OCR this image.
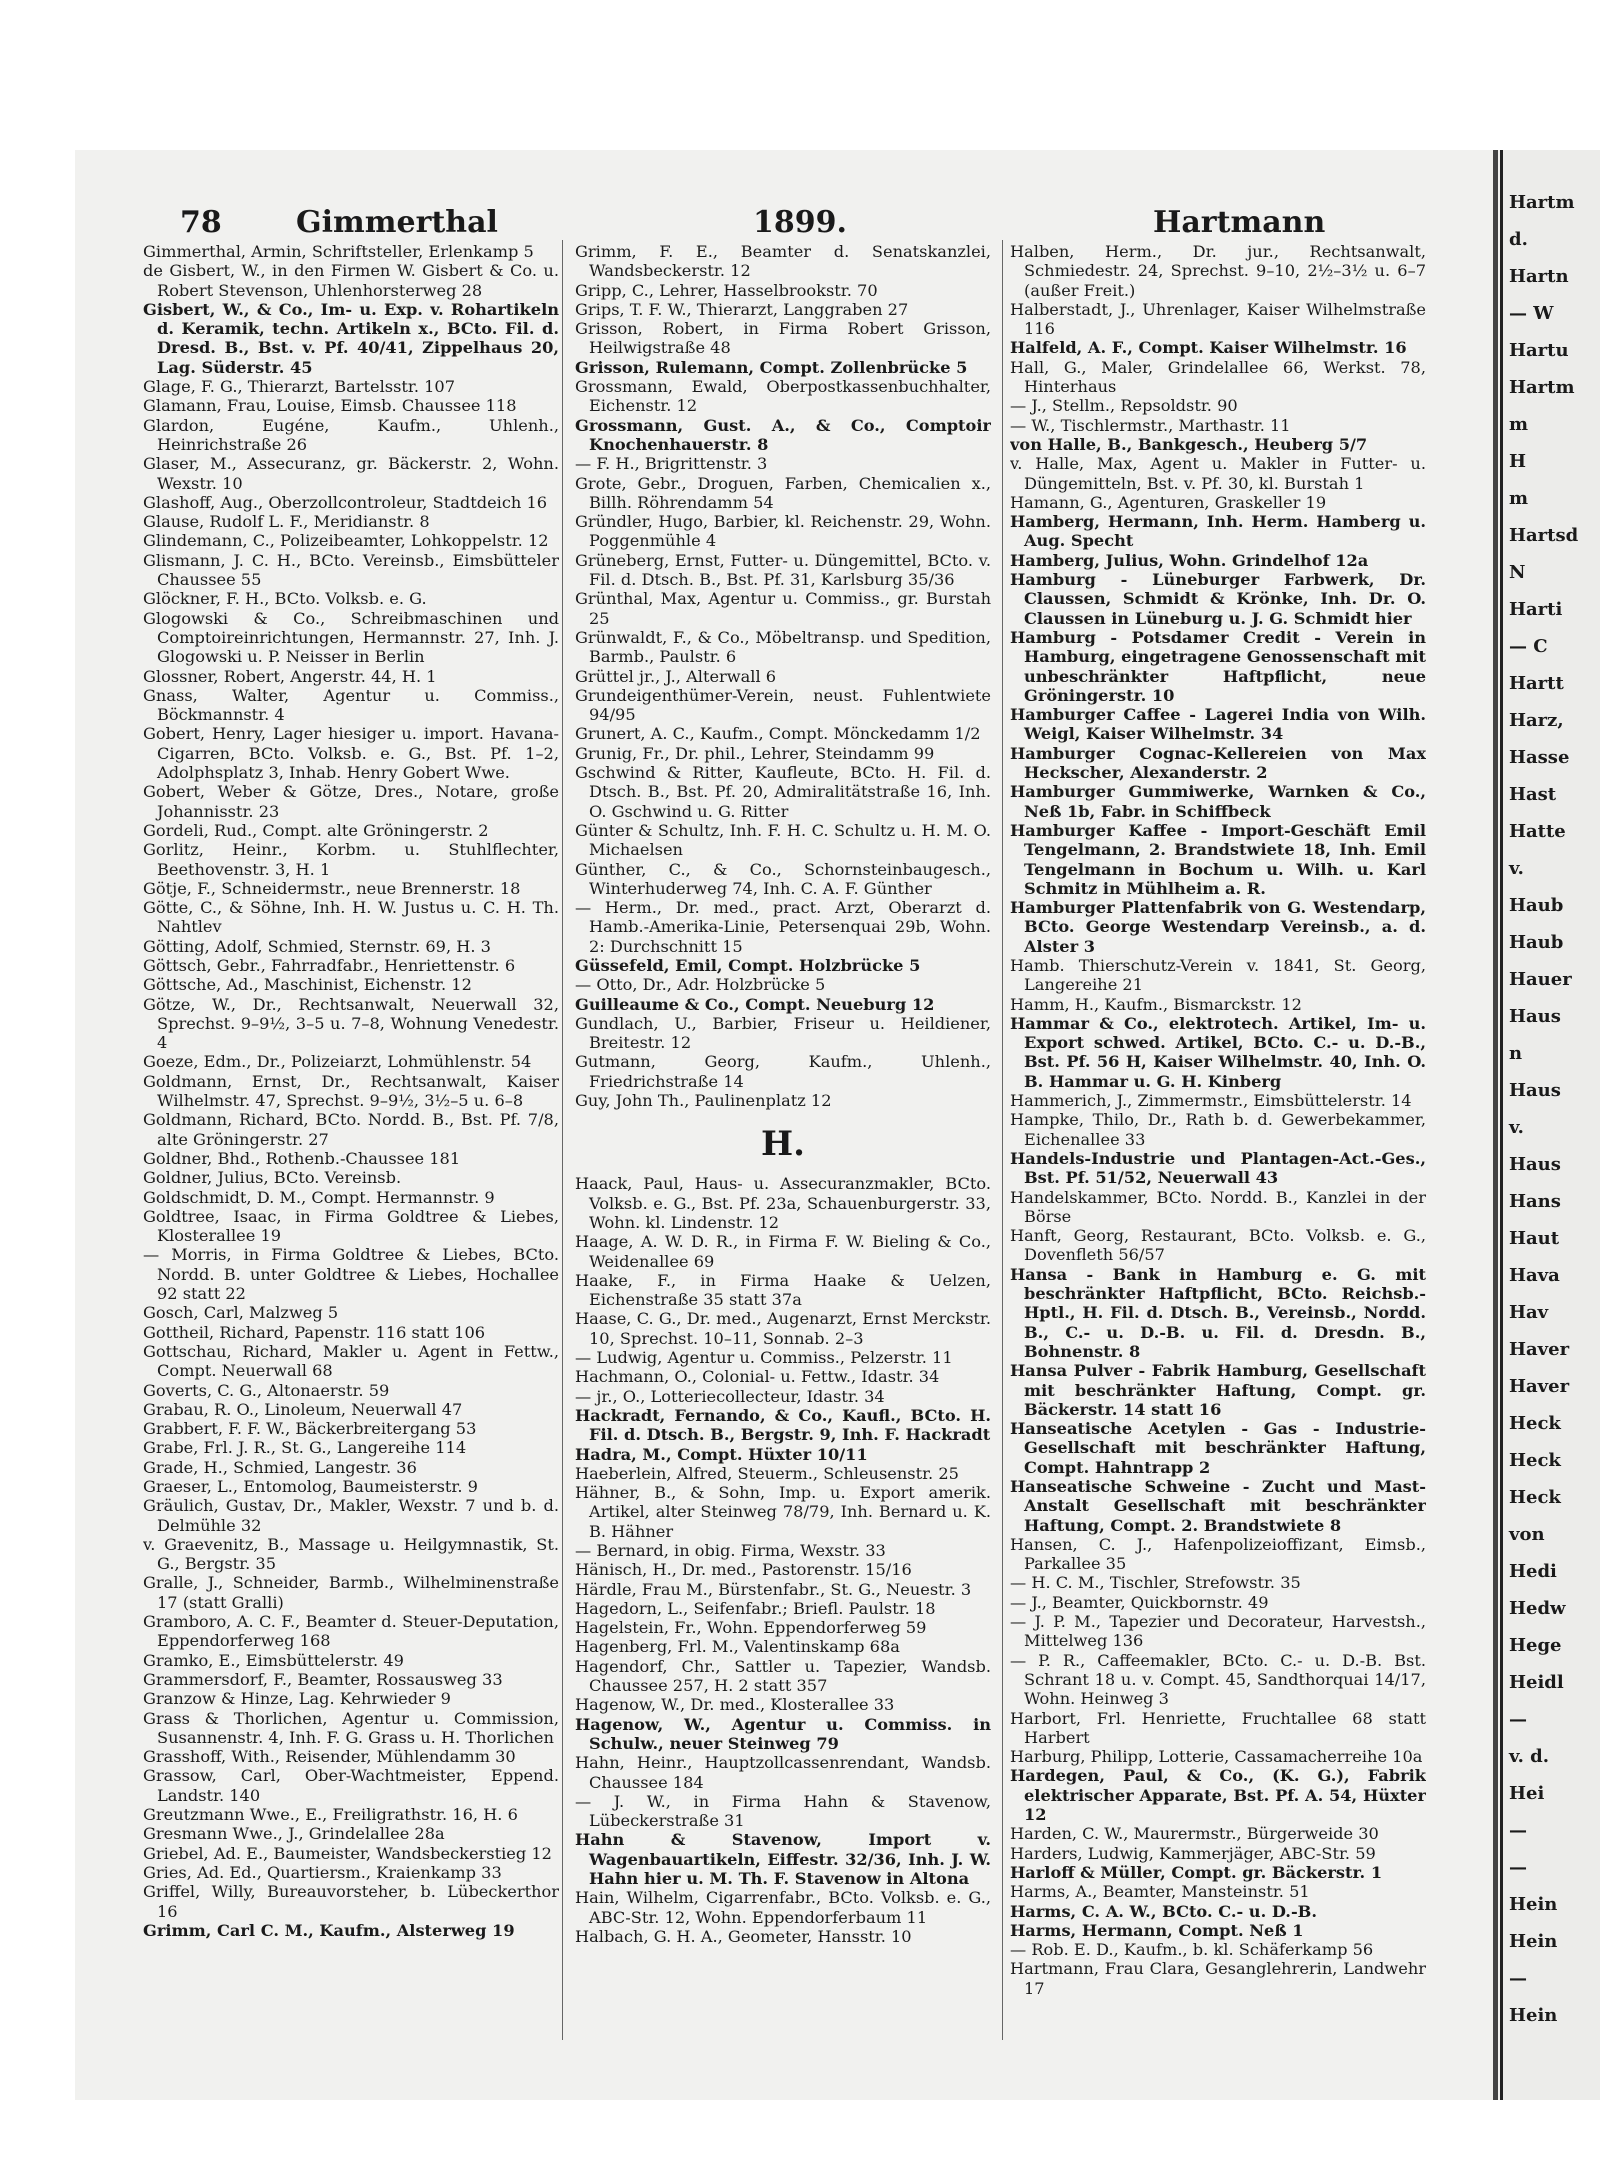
Hartm
d.
Hartn
— W
Hartu
Hartm
m
H
m
Hartsd
N
Harti
— C
Hartt
Harz,
Hasse
Hast
Hatte
v.
Haub
Haub
Hauer
Haus
n
Haus
v.
Haus
Hans
Haut
Hava
Hav
Haver
Haver
Heck
Heck
Heck
von
Hedi
Hedw
Hege
Heidl
—
v. d.
Hei
—
—
Hein
Hein
—
Hein
78 Gimmerthal	1899.	Hartmann

Gimmerthal, Armin, Schriftsteller, Erlenkamp 5

de Gisbert, W., in den Firmen W. Gisbert & Co. u. Robert Stevenson, Uhlenhorsterweg 28

Gisbert, W., & Co., Im- u. Exp. v. Rohartikeln d. Keramik, techn. Artikeln x., BCto. Fil. d. Dresd. B., Bst. v. Pf. 40/41, Zippelhaus 20, Lag. Süderstr. 45

Glage, F. G., Thierarzt, Bartelsstr. 107

Glamann, Frau, Louise, Eimsb. Chaussee 118

Glardon, Eugéne, Kaufm., Uhlenh., Heinrichstraße 26

Glaser, M., Assecuranz, gr. Bäckerstr. 2, Wohn. Wexstr. 10

Glashoff, Aug., Oberzollcontroleur, Stadtdeich 16

Glause, Rudolf L. F., Meridianstr. 8

Glindemann, C., Polizeibeamter, Lohkoppelstr. 12

Glismann, J. C. H., BCto. Vereinsb., Eimsbütteler Chaussee 55

Glöckner, F. H., BCto. Volksb. e. G.

Glogowski & Co., Schreibmaschinen und Comptoireinrichtungen, Hermannstr. 27, Inh. J. Glogowski u. P. Neisser in Berlin

Glossner, Robert, Angerstr. 44, H. 1

Gnass, Walter, Agentur u. Commiss., Böckmannstr. 4

Gobert, Henry, Lager hiesiger u. import. Havana-Cigarren, BCto. Volksb. e. G., Bst. Pf. 1–2, Adolphsplatz 3, Inhab. Henry Gobert Wwe.

Gobert, Weber & Götze, Dres., Notare, große Johannisstr. 23

Gordeli, Rud., Compt. alte Gröningerstr. 2

Gorlitz, Heinr., Korbm. u. Stuhlflechter, Beethovenstr. 3, H. 1

Götje, F., Schneidermstr., neue Brennerstr. 18

Götte, C., & Söhne, Inh. H. W. Justus u. C. H. Th. Nahtlev

Götting, Adolf, Schmied, Sternstr. 69, H. 3

Göttsch, Gebr., Fahrradfabr., Henriettenstr. 6

Göttsche, Ad., Maschinist, Eichenstr. 12

Götze, W., Dr., Rechtsanwalt, Neuerwall 32, Sprechst. 9–9½, 3–5 u. 7–8, Wohnung Venedestr. 4

Goeze, Edm., Dr., Polizeiarzt, Lohmühlenstr. 54

Goldmann, Ernst, Dr., Rechtsanwalt, Kaiser Wilhelmstr. 47, Sprechst. 9–9½, 3½–5 u. 6–8

Goldmann, Richard, BCto. Nordd. B., Bst. Pf. 7/8, alte Gröningerstr. 27

Goldner, Bhd., Rothenb.-Chaussee 181

Goldner, Julius, BCto. Vereinsb.

Goldschmidt, D. M., Compt. Hermannstr. 9

Goldtree, Isaac, in Firma Goldtree & Liebes, Klosterallee 19

— Morris, in Firma Goldtree & Liebes, BCto. Nordd. B. unter Goldtree & Liebes, Hochallee 92 statt 22

Gosch, Carl, Malzweg 5

Gottheil, Richard, Papenstr. 116 statt 106

Gottschau, Richard, Makler u. Agent in Fettw., Compt. Neuerwall 68

Goverts, C. G., Altonaerstr. 59

Grabau, R. O., Linoleum, Neuerwall 47

Grabbert, F. F. W., Bäckerbreitergang 53

Grabe, Frl. J. R., St. G., Langereihe 114

Grade, H., Schmied, Langestr. 36

Graeser, L., Entomolog, Baumeisterstr. 9

Gräulich, Gustav, Dr., Makler, Wexstr. 7 und b. d. Delmühle 32

v. Graevenitz, B., Massage u. Heilgymnastik, St. G., Bergstr. 35

Gralle, J., Schneider, Barmb., Wilhelminenstraße 17 (statt Gralli)

Gramboro, A. C. F., Beamter d. Steuer-Deputation, Eppendorferweg 168

Gramko, E., Eimsbüttelerstr. 49

Grammersdorf, F., Beamter, Rossausweg 33

Granzow & Hinze, Lag. Kehrwieder 9

Grass & Thorlichen, Agentur u. Commission, Susannenstr. 4, Inh. F. G. Grass u. H. Thorlichen

Grasshoff, With., Reisender, Mühlendamm 30

Grassow, Carl, Ober-Wachtmeister, Eppend. Landstr. 140

Greutzmann Wwe., E., Freiligrathstr. 16, H. 6

Gresmann Wwe., J., Grindelallee 28a

Griebel, Ad. E., Baumeister, Wandsbeckerstieg 12

Gries, Ad. Ed., Quartiersm., Kraienkamp 33

Griffel, Willy, Bureauvorsteher, b. Lübeckerthor 16

Grimm, Carl C. M., Kaufm., Alsterweg 19

Grimm, F. E., Beamter d. Senatskanzlei, Wandsbeckerstr. 12

Gripp, C., Lehrer, Hasselbrookstr. 70

Grips, T. F. W., Thierarzt, Langgraben 27

Grisson, Robert, in Firma Robert Grisson, Heilwigstraße 48

Grisson, Rulemann, Compt. Zollenbrücke 5

Grossmann, Ewald, Oberpostkassenbuchhalter, Eichenstr. 12

Grossmann, Gust. A., & Co., Comptoir Knochenhauerstr. 8

— F. H., Brigrittenstr. 3

Grote, Gebr., Droguen, Farben, Chemicalien x., Billh. Röhrendamm 54

Gründler, Hugo, Barbier, kl. Reichenstr. 29, Wohn. Poggenmühle 4

Grüneberg, Ernst, Futter- u. Düngemittel, BCto. v. Fil. d. Dtsch. B., Bst. Pf. 31, Karlsburg 35/36

Grünthal, Max, Agentur u. Commiss., gr. Burstah 25

Grünwaldt, F., & Co., Möbeltransp. und Spedition, Barmb., Paulstr. 6

Grüttel jr., J., Alterwall 6

Grundeigenthümer-Verein, neust. Fuhlentwiete 94/95

Grunert, A. C., Kaufm., Compt. Mönckedamm 1/2

Grunig, Fr., Dr. phil., Lehrer, Steindamm 99

Gschwind & Ritter, Kaufleute, BCto. H. Fil. d. Dtsch. B., Bst. Pf. 20, Admiralitätstraße 16, Inh. O. Gschwind u. G. Ritter

Günter & Schultz, Inh. F. H. C. Schultz u. H. M. O. Michaelsen

Günther, C., & Co., Schornsteinbaugesch., Winterhuderweg 74, Inh. C. A. F. Günther

— Herm., Dr. med., pract. Arzt, Oberarzt d. Hamb.-Amerika-Linie, Petersenquai 29b, Wohn. 2: Durchschnitt 15

Güssefeld, Emil, Compt. Holzbrücke 5

— Otto, Dr., Adr. Holzbrücke 5

Guilleaume & Co., Compt. Neueburg 12

Gundlach, U., Barbier, Friseur u. Heildiener, Breitestr. 12

Gutmann, Georg, Kaufm., Uhlenh., Friedrichstraße 14

Guy, John Th., Paulinenplatz 12

H.

Haack, Paul, Haus- u. Assecuranzmakler, BCto. Volksb. e. G., Bst. Pf. 23a, Schauenburgerstr. 33, Wohn. kl. Lindenstr. 12

Haage, A. W. D. R., in Firma F. W. Bieling & Co., Weidenallee 69

Haake, F., in Firma Haake & Uelzen, Eichenstraße 35 statt 37a

Haase, C. G., Dr. med., Augenarzt, Ernst Merckstr. 10, Sprechst. 10–11, Sonnab. 2–3

— Ludwig, Agentur u. Commiss., Pelzerstr. 11

Hachmann, O., Colonial- u. Fettw., Idastr. 34

— jr., O., Lotteriecollecteur, Idastr. 34

Hackradt, Fernando, & Co., Kaufl., BCto. H. Fil. d. Dtsch. B., Bergstr. 9, Inh. F. Hackradt

Hadra, M., Compt. Hüxter 10/11

Haeberlein, Alfred, Steuerm., Schleusenstr. 25

Hähner, B., & Sohn, Imp. u. Export amerik. Artikel, alter Steinweg 78/79, Inh. Bernard u. K. B. Hähner

— Bernard, in obig. Firma, Wexstr. 33

Hänisch, H., Dr. med., Pastorenstr. 15/16

Härdle, Frau M., Bürstenfabr., St. G., Neuestr. 3

Hagedorn, L., Seifenfabr.; Briefl. Paulstr. 18

Hagelstein, Fr., Wohn. Eppendorferweg 59

Hagenberg, Frl. M., Valentinskamp 68a

Hagendorf, Chr., Sattler u. Tapezier, Wandsb. Chaussee 257, H. 2 statt 357

Hagenow, W., Dr. med., Klosterallee 33

Hagenow, W., Agentur u. Commiss. in Schulw., neuer Steinweg 79

Hahn, Heinr., Hauptzollcassenrendant, Wandsb. Chaussee 184

— J. W., in Firma Hahn & Stavenow, Lübeckerstraße 31

Hahn & Stavenow, Import v. Wagenbauartikeln, Eiffestr. 32/36, Inh. J. W. Hahn hier u. M. Th. F. Stavenow in Altona

Hain, Wilhelm, Cigarrenfabr., BCto. Volksb. e. G., ABC-Str. 12, Wohn. Eppendorferbaum 11

Halbach, G. H. A., Geometer, Hansstr. 10

Halben, Herm., Dr. jur., Rechtsanwalt, Schmiedestr. 24, Sprechst. 9–10, 2½–3½ u. 6–7 (außer Freit.)

Halberstadt, J., Uhrenlager, Kaiser Wilhelmstraße 116

Halfeld, A. F., Compt. Kaiser Wilhelmstr. 16

Hall, G., Maler, Grindelallee 66, Werkst. 78, Hinterhaus

— J., Stellm., Repsoldstr. 90

— W., Tischlermstr., Marthastr. 11

von Halle, B., Bankgesch., Heuberg 5/7

v. Halle, Max, Agent u. Makler in Futter- u. Düngemitteln, Bst. v. Pf. 30, kl. Burstah 1

Hamann, G., Agenturen, Graskeller 19

Hamberg, Hermann, Inh. Herm. Hamberg u. Aug. Specht

Hamberg, Julius, Wohn. Grindelhof 12a

Hamburg - Lüneburger Farbwerk, Dr. Claussen, Schmidt & Krönke, Inh. Dr. O. Claussen in Lüneburg u. J. G. Schmidt hier

Hamburg - Potsdamer Credit - Verein in Hamburg, eingetragene Genossenschaft mit unbeschränkter Haftpflicht, neue Gröningerstr. 10

Hamburger Caffee - Lagerei India von Wilh. Weigl, Kaiser Wilhelmstr. 34

Hamburger Cognac-Kellereien von Max Heckscher, Alexanderstr. 2

Hamburger Gummiwerke, Warnken & Co., Neß 1b, Fabr. in Schiffbeck

Hamburger Kaffee - Import-Geschäft Emil Tengelmann, 2. Brandstwiete 18, Inh. Emil Tengelmann in Bochum u. Wilh. u. Karl Schmitz in Mühlheim a. R.

Hamburger Plattenfabrik von G. Westendarp, BCto. George Westendarp Vereinsb., a. d. Alster 3

Hamb. Thierschutz-Verein v. 1841, St. Georg, Langereihe 21

Hamm, H., Kaufm., Bismarckstr. 12

Hammar & Co., elektrotech. Artikel, Im- u. Export schwed. Artikel, BCto. C.- u. D.-B., Bst. Pf. 56 H, Kaiser Wilhelmstr. 40, Inh. O. B. Hammar u. G. H. Kinberg

Hammerich, J., Zimmermstr., Eimsbüttelerstr. 14

Hampke, Thilo, Dr., Rath b. d. Gewerbekammer, Eichenallee 33

Handels-Industrie und Plantagen-Act.-Ges., Bst. Pf. 51/52, Neuerwall 43

Handelskammer, BCto. Nordd. B., Kanzlei in der Börse

Hanft, Georg, Restaurant, BCto. Volksb. e. G., Dovenfleth 56/57

Hansa - Bank in Hamburg e. G. mit beschränkter Haftpflicht, BCto. Reichsb.-Hptl., H. Fil. d. Dtsch. B., Vereinsb., Nordd. B., C.- u. D.-B. u. Fil. d. Dresdn. B., Bohnenstr. 8

Hansa Pulver - Fabrik Hamburg, Gesellschaft mit beschränkter Haftung, Compt. gr. Bäckerstr. 14 statt 16

Hanseatische Acetylen - Gas - Industrie-Gesellschaft mit beschränkter Haftung, Compt. Hahntrapp 2

Hanseatische Schweine - Zucht und Mast-Anstalt Gesellschaft mit beschränkter Haftung, Compt. 2. Brandstwiete 8

Hansen, C. J., Hafenpolizeioffizant, Eimsb., Parkallee 35

— H. C. M., Tischler, Strefowstr. 35

— J., Beamter, Quickbornstr. 49

— J. P. M., Tapezier und Decorateur, Harvestsh., Mittelweg 136

— P. R., Caffeemakler, BCto. C.- u. D.-B. Bst. Schrant 18 u. v. Compt. 45, Sandthorquai 14/17, Wohn. Heinweg 3

Harbort, Frl. Henriette, Fruchtallee 68 statt Harbert

Harburg, Philipp, Lotterie, Cassamacherreihe 10a

Hardegen, Paul, & Co., (K. G.), Fabrik elektrischer Apparate, Bst. Pf. A. 54, Hüxter 12

Harden, C. W., Maurermstr., Bürgerweide 30

Harders, Ludwig, Kammerjäger, ABC-Str. 59

Harloff & Müller, Compt. gr. Bäckerstr. 1

Harms, A., Beamter, Mansteinstr. 51

Harms, C. A. W., BCto. C.- u. D.-B.

Harms, Hermann, Compt. Neß 1

— Rob. E. D., Kaufm., b. kl. Schäferkamp 56

Hartmann, Frau Clara, Gesanglehrerin, Landwehr 17
